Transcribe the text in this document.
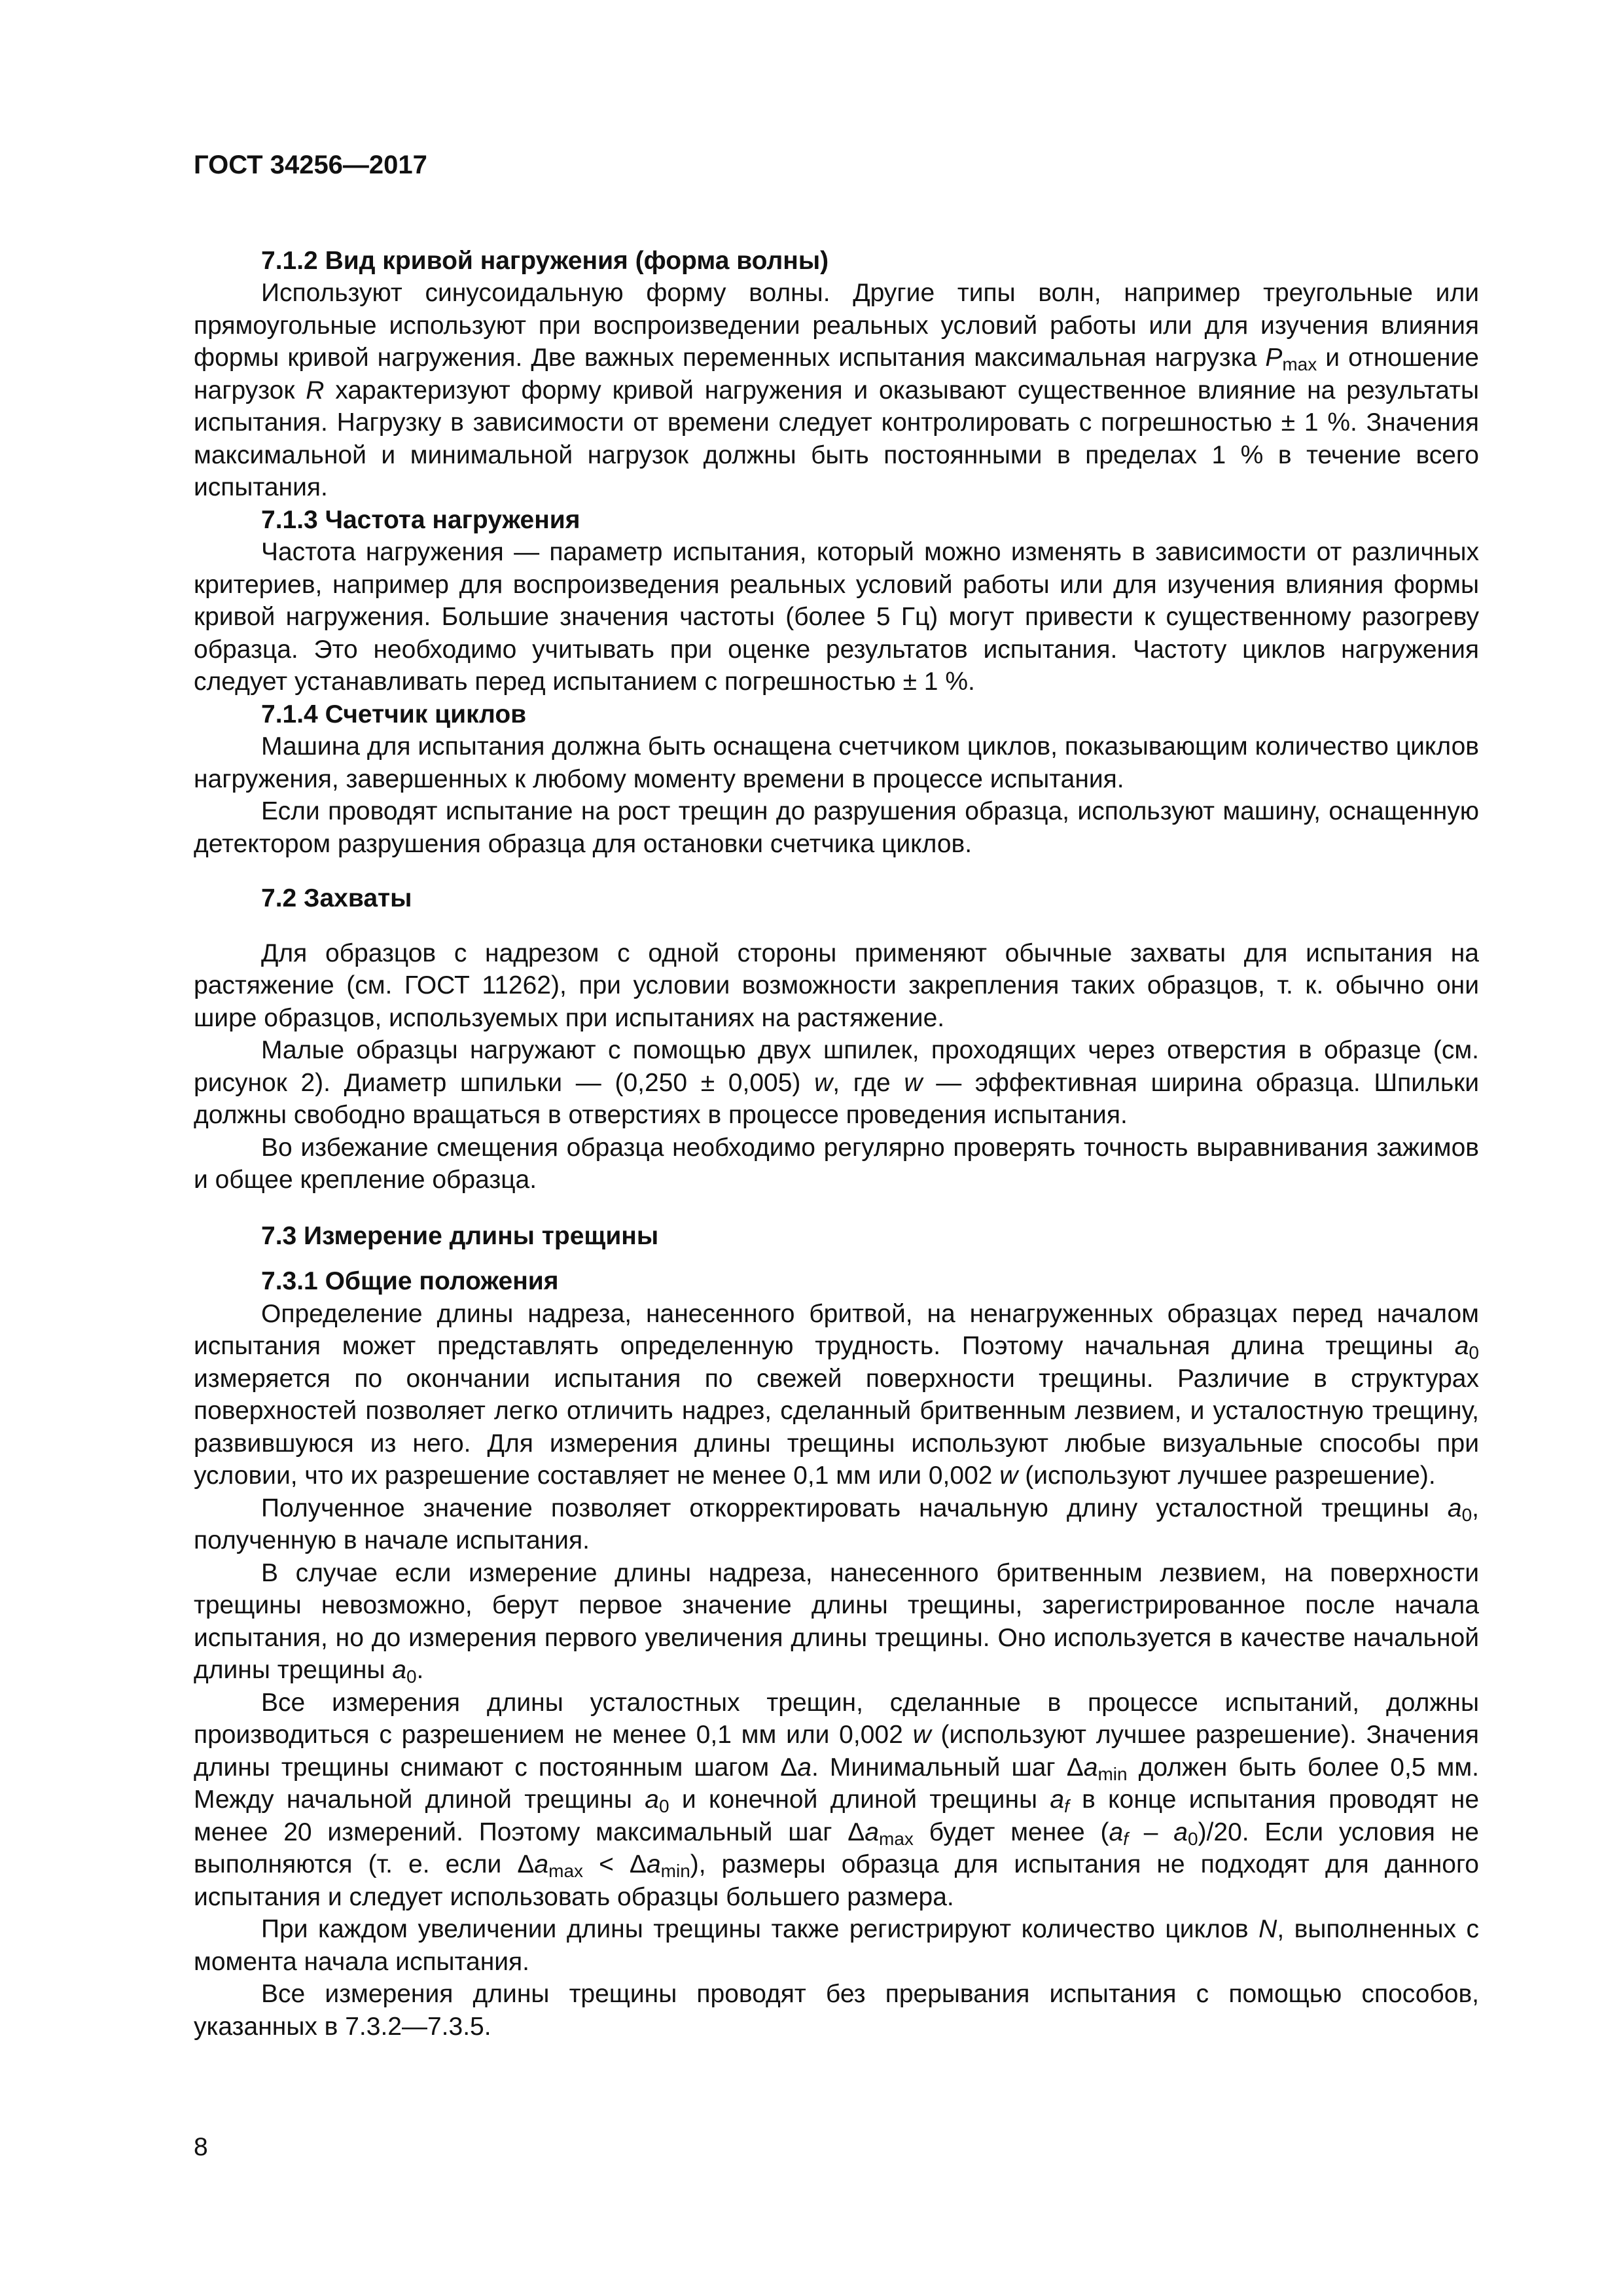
ГОСТ 34256—2017
7.1.2 Вид кривой нагружения (форма волны)

Используют синусоидальную форму волны. Другие типы волн, например треугольные или прямоугольные используют при воспроизведении реальных условий работы или для изучения влияния формы кривой нагружения. Две важных переменных испытания максимальная нагрузка $P_{max}$ и отношение нагрузок R характеризуют форму кривой нагружения и оказывают существенное влияние на результаты испытания. Нагрузку в зависимости от времени следует контролировать с погрешностью ± 1 %. Значения максимальной и минимальной нагрузок должны быть постоянными в пределах 1 % в течение всего испытания.

7.1.3 Частота нагружения

Частота нагружения — параметр испытания, который можно изменять в зависимости от различных критериев, например для воспроизведения реальных условий работы или для изучения влияния формы кривой нагружения. Большие значения частоты (более 5 Гц) могут привести к существенному разогреву образца. Это необходимо учитывать при оценке результатов испытания. Частоту циклов нагружения следует устанавливать перед испытанием с погрешностью ± 1 %.

7.1.4 Счетчик циклов

Машина для испытания должна быть оснащена счетчиком циклов, показывающим количество циклов нагружения, завершенных к любому моменту времени в процессе испытания.

Если проводят испытание на рост трещин до разрушения образца, используют машину, оснащенную детектором разрушения образца для остановки счетчика циклов.

7.2 Захваты

Для образцов с надрезом с одной стороны применяют обычные захваты для испытания на растяжение (см. ГОСТ 11262), при условии возможности закрепления таких образцов, т. к. обычно они шире образцов, используемых при испытаниях на растяжение.

Малые образцы нагружают с помощью двух шпилек, проходящих через отверстия в образце (см. рисунок 2). Диаметр шпильки — (0,250 ± 0,005) w, где w — эффективная ширина образца. Шпильки должны свободно вращаться в отверстиях в процессе проведения испытания.

Во избежание смещения образца необходимо регулярно проверять точность выравнивания зажимов и общее крепление образца.

7.3 Измерение длины трещины
7.3.1 Общие положения

Определение длины надреза, нанесенного бритвой, на ненагруженных образцах перед началом испытания может представлять определенную трудность. Поэтому начальная длина трещины $a_0$ измеряется по окончании испытания по свежей поверхности трещины. Различие в структурах поверхностей позволяет легко отличить надрез, сделанный бритвенным лезвием, и усталостную трещину, развившуюся из него. Для измерения длины трещины используют любые визуальные способы при условии, что их разрешение составляет не менее 0,1 мм или 0,002 w (используют лучшее разрешение).

Полученное значение позволяет откорректировать начальную длину усталостной трещины $a_0$, полученную в начале испытания.

В случае если измерение длины надреза, нанесенного бритвенным лезвием, на поверхности трещины невозможно, берут первое значение длины трещины, зарегистрированное после начала испытания, но до измерения первого увеличения длины трещины. Оно используется в качестве начальной длины трещины $a_0$.

Все измерения длины усталостных трещин, сделанные в процессе испытаний, должны производиться с разрешением не менее 0,1 мм или 0,002 w (используют лучшее разрешение). Значения длины трещины снимают с постоянным шагом Δa. Минимальный шаг $\Delta a_{min}$ должен быть более 0,5 мм. Между начальной длиной трещины $a_0$ и конечной длиной трещины $a_f$ в конце испытания проводят не менее 20 измерений. Поэтому максимальный шаг $\Delta a_{max}$ будет менее $(a_f - a_0)/20$. Если условия не выполняются (т. е. если $\Delta a_{max} < \Delta a_{min}$), размеры образца для испытания не подходят для данного испытания и следует использовать образцы большего размера.

При каждом увеличении длины трещины также регистрируют количество циклов N, выполненных с момента начала испытания.

Все измерения длины трещины проводят без прерывания испытания с помощью способов, указанных в 7.3.2—7.3.5.

8
